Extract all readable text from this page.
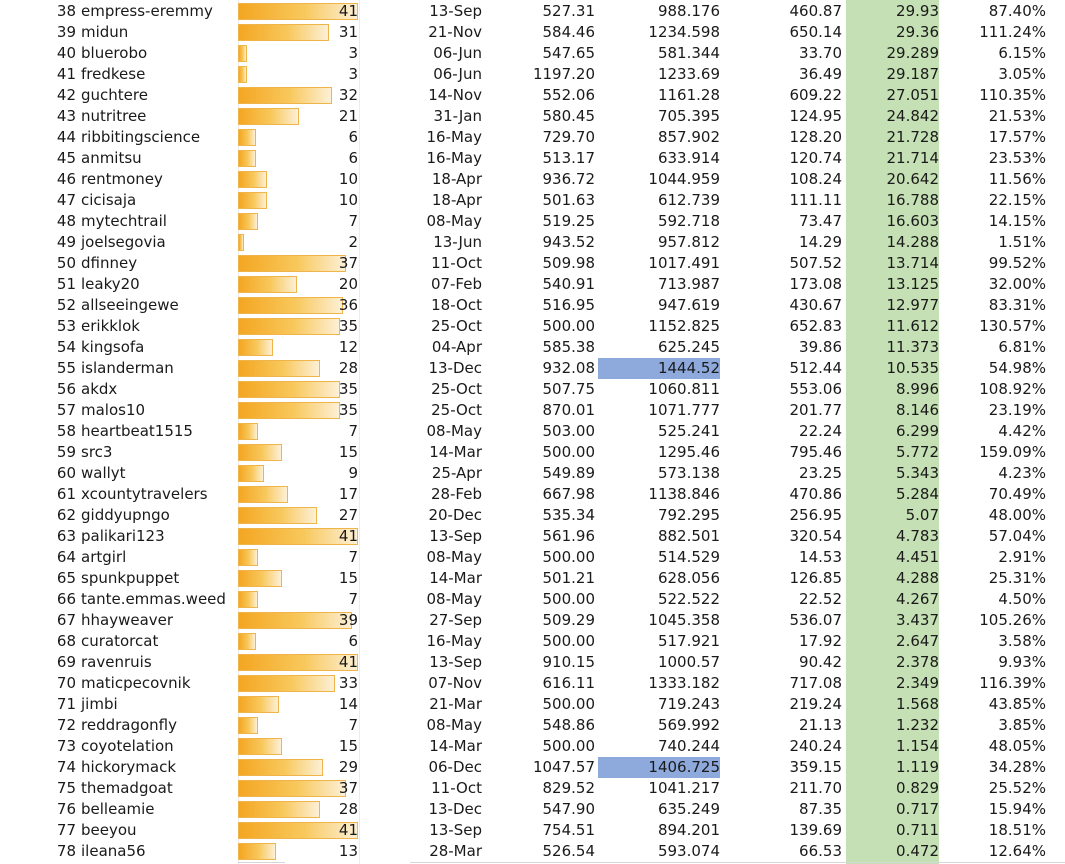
38 empress-eremmy	41	13-Sep	527.31	988.176	460.87	29.93	87.40%
39 midun	31	21-Nov	584.46	1234.598	650.14	29.36	111.24%
40 bluerobo	3	06-Jun	547.65	581.344	33.70	29.289	6.15%
41 fredkese	3	06-Jun	1197.20	1233.69	36.49	29.187	3.05%
42 guchtere	32	14-Nov	552.06	1161.28	609.22	27.051	110.35%
43 nutritree	21	31-Jan	580.45	705.395	124.95	24.842	21.53%
44 ribbitingscience	6	16-May	729.70	857.902	128.20	21.728	17.57%
45 anmitsu	6	16-May	513.17	633.914	120.74	21.714	23.53%
46 rentmoney	10	18-Apr	936.72	1044.959	108.24	20.642	11.56%
47 cicisaja	10	18-Apr	501.63	612.739	111.11	16.788	22.15%
48 mytechtrail	7	08-May	519.25	592.718	73.47	16.603	14.15%
49 joelsegovia	2	13-Jun	943.52	957.812	14.29	14.288	1.51%
50 dfinney	37	11-Oct	509.98	1017.491	507.52	13.714	99.52%
51 leaky20	20	07-Feb	540.91	713.987	173.08	13.125	32.00%
52 allseeingewe	36	18-Oct	516.95	947.619	430.67	12.977	83.31%
53 erikklok	35	25-Oct	500.00	1152.825	652.83	11.612	130.57%
54 kingsofa	12	04-Apr	585.38	625.245	39.86	11.373	6.81%
55 islanderman	28	13-Dec	932.08	1444.52	512.44	10.535	54.98%
56 akdx	35	25-Oct	507.75	1060.811	553.06	8.996	108.92%
57 malos10	35	25-Oct	870.01	1071.777	201.77	8.146	23.19%
58 heartbeat1515	7	08-May	503.00	525.241	22.24	6.299	4.42%
59 src3	15	14-Mar	500.00	1295.46	795.46	5.772	159.09%
60 wallyt	9	25-Apr	549.89	573.138	23.25	5.343	4.23%
61 xcountytravelers	17	28-Feb	667.98	1138.846	470.86	5.284	70.49%
62 giddyupngo	27	20-Dec	535.34	792.295	256.95	5.07	48.00%
63 palikari123	41	13-Sep	561.96	882.501	320.54	4.783	57.04%
64 artgirl	7	08-May	500.00	514.529	14.53	4.451	2.91%
65 spunkpuppet	15	14-Mar	501.21	628.056	126.85	4.288	25.31%
66 tante.emmas.weed	7	08-May	500.00	522.522	22.52	4.267	4.50%
67 hhayweaver	39	27-Sep	509.29	1045.358	536.07	3.437	105.26%
68 curatorcat	6	16-May	500.00	517.921	17.92	2.647	3.58%
69 ravenruis	41	13-Sep	910.15	1000.57	90.42	2.378	9.93%
70 maticpecovnik	33	07-Nov	616.11	1333.182	717.08	2.349	116.39%
71 jimbi	14	21-Mar	500.00	719.243	219.24	1.568	43.85%
72 reddragonfly	7	08-May	548.86	569.992	21.13	1.232	3.85%
73 coyotelation	15	14-Mar	500.00	740.244	240.24	1.154	48.05%
74 hickorymack	29	06-Dec	1047.57	1406.725	359.15	1.119	34.28%
75 themadgoat	37	11-Oct	829.52	1041.217	211.70	0.829	25.52%
76 belleamie	28	13-Dec	547.90	635.249	87.35	0.717	15.94%
77 beeyou	41	13-Sep	754.51	894.201	139.69	0.711	18.51%
78 ileana56	13	28-Mar	526.54	593.074	66.53	0.472	12.64%
